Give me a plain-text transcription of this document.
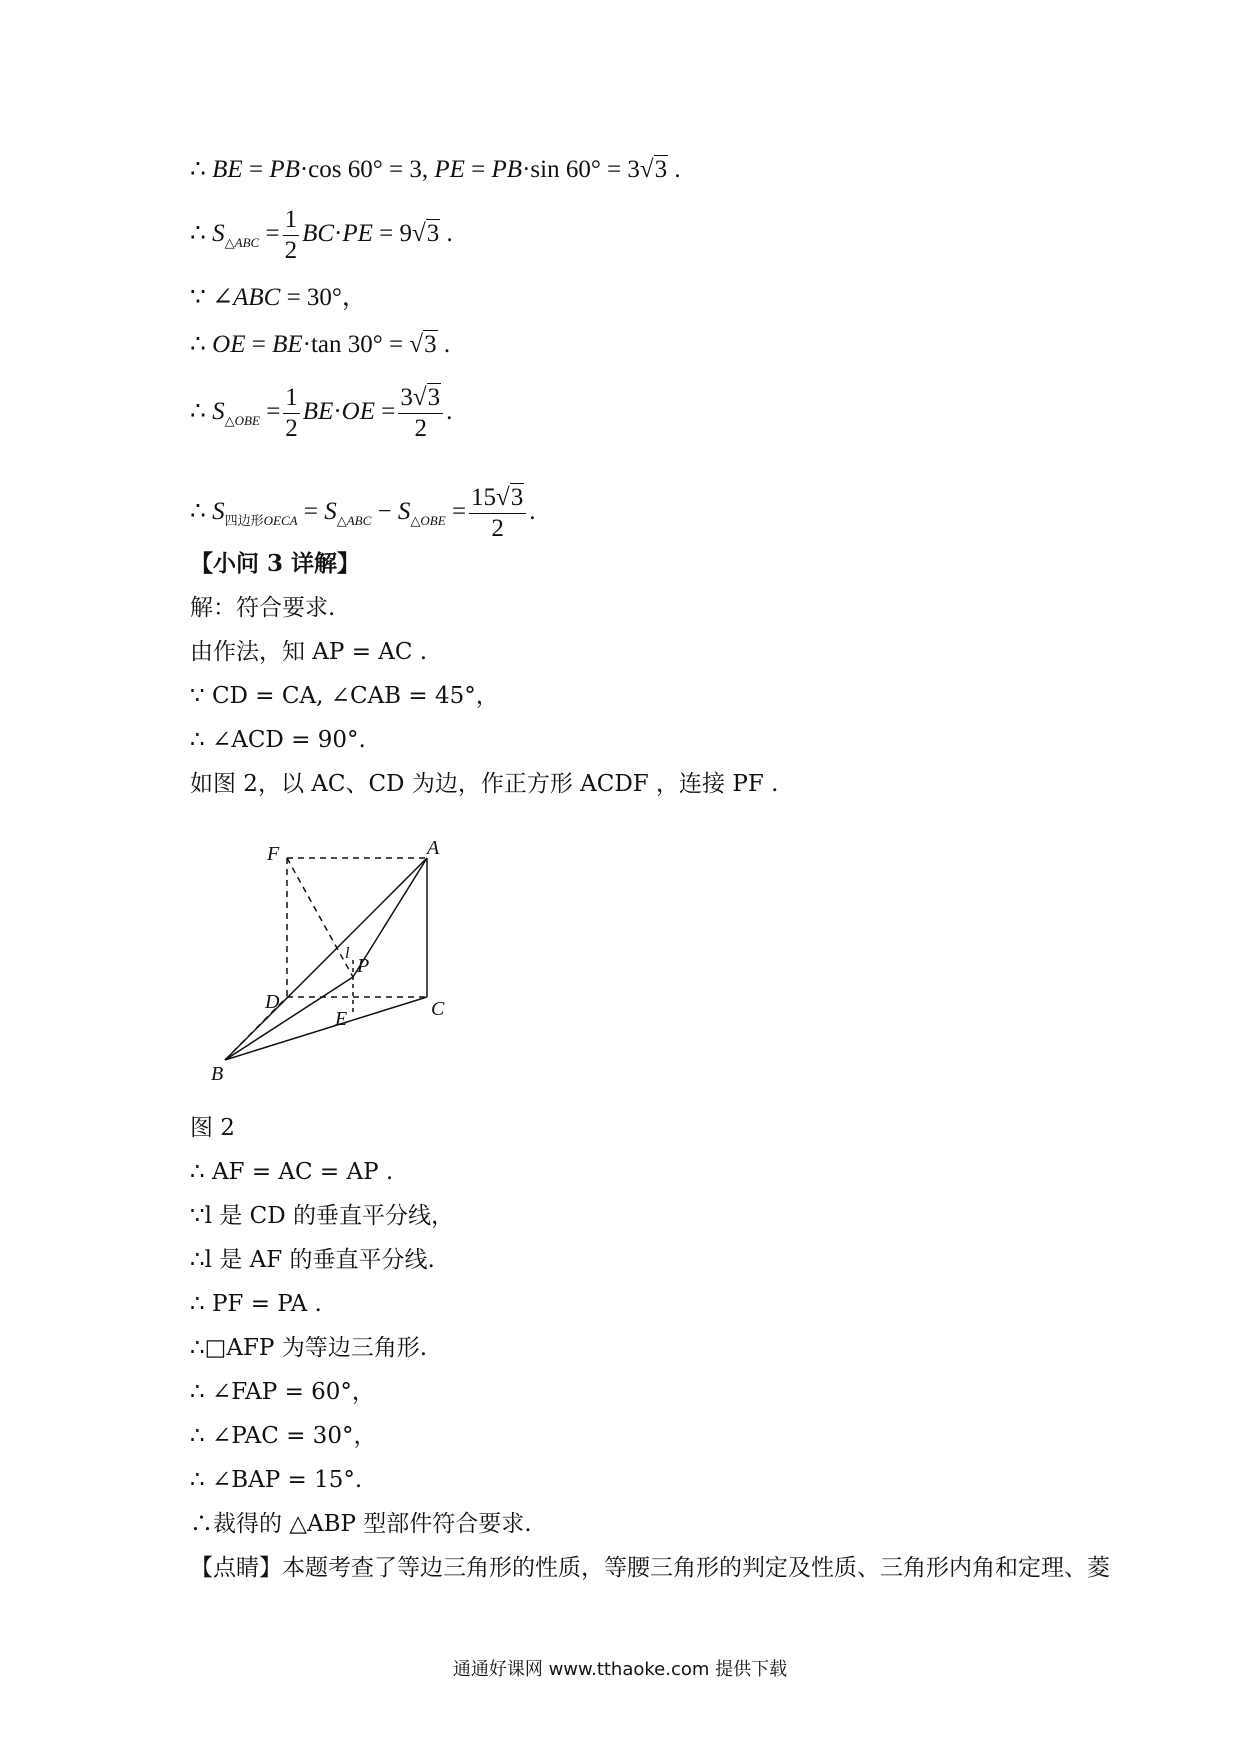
∴ BE = PB·cos 60° = 3, PE = PB·sin 60° = 3√3 .
∴ $S_{\triangle ABC} = \frac{1}{2} BC\cdot PE = 9√3$ .
∵ ∠ABC = 30°，
∴ OE = BE·tan 30° = √3 .
∴ $S_{\triangle OBE} = \frac{1}{2} BE\cdot OE = \frac{3√3}{2}$ .
∴ $S_{四边形OECA} = S_{\triangle ABC} - S_{\triangle OBE} = \frac{15√3}{2}$ .
【小问 3 详解】
解：符合要求.
由作法，知 AP = AC .
∵ CD = CA, ∠CAB = 45°，
∴ ∠ACD = 90°.
如图 2，以 AC、CD 为边，作正方形 ACDF ，连接 PF .
F	A
D
P
E	C
B
l
图 2
∴ AF = AC = AP .
∵l 是 CD 的垂直平分线，
∴l 是 AF 的垂直平分线.
∴ PF = PA .
∴□AFP 为等边三角形.
∴ ∠FAP = 60°，
∴ ∠PAC = 30°，
∴ ∠BAP = 15°.
∴裁得的 △ABP 型部件符合要求.
【点睛】本题考查了等边三角形的性质，等腰三角形的判定及性质、三角形内角和定理、菱
通通好课网 www.tthaoke.com 提供下载
